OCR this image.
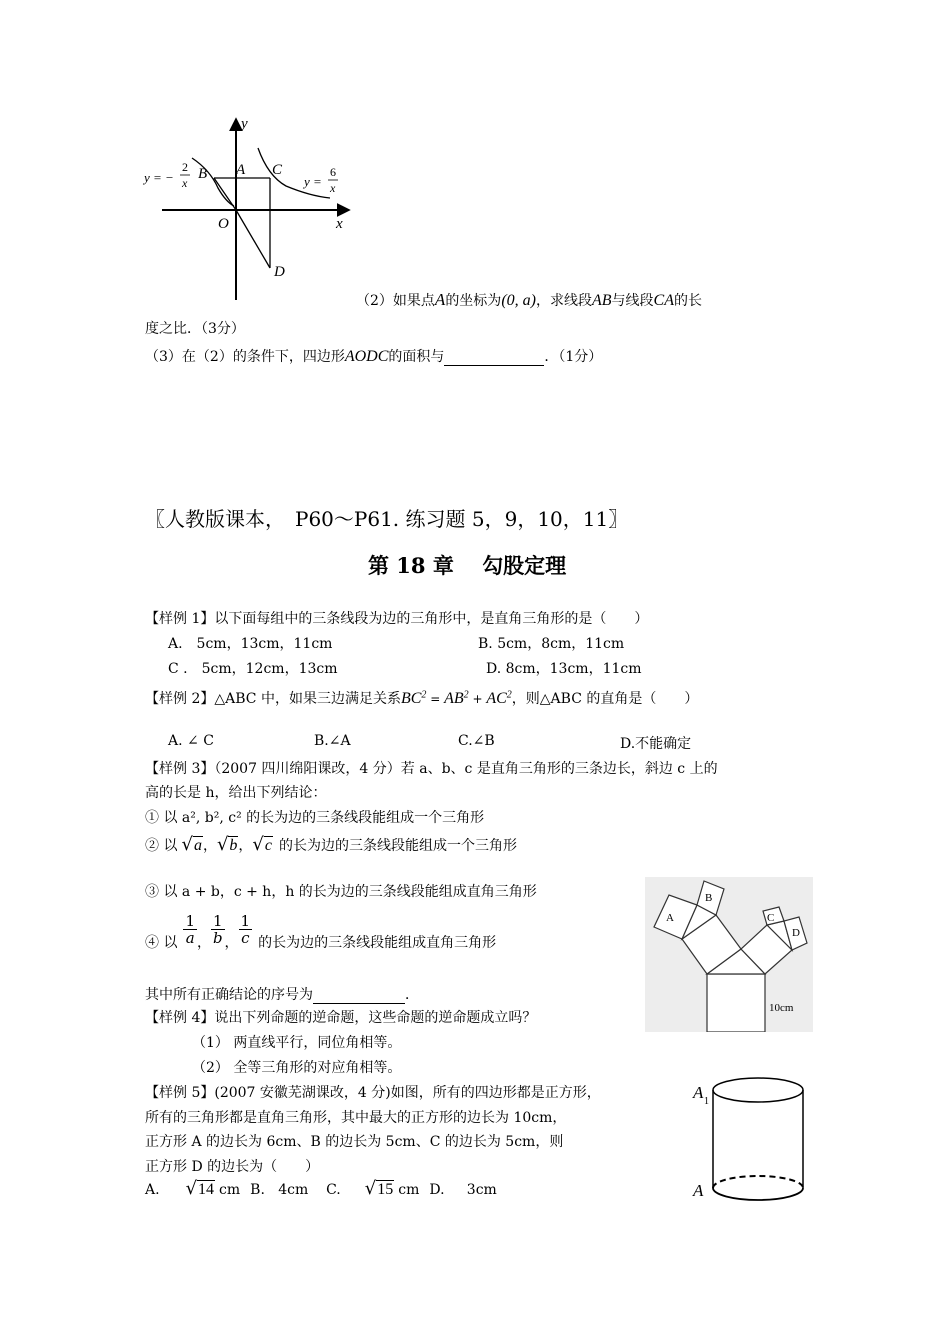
y
x
O
A
B	C
D
y = −
2
x	y =
6
x
（2）如果点A的坐标为(0, a)，求线段AB与线段CA的长
度之比．（3分）
（3）在（2）的条件下，四边形AODC的面积与	．（1分）
〖人教版课本，　P60～P61. 练习题 5，9，10，11〗
第 18 章　 勾股定理
【样例 1】以下面每组中的三条线段为边的三角形中，是直角三角形的是（　　）
A.　5cm，13cm，11cm	B. 5cm，8cm，11cm
C .　5cm，12cm，13cm	D. 8cm，13cm，11cm
【样例 2】△ABC 中，如果三边满足关系$BC^2 = AB^2 + AC^2$，则△ABC 的直角是（　　）
A. ∠ C	B.∠A	C.∠B	D.不能确定
【样例 3】（2007 四川绵阳课改，4 分）若 a、b、c 是直角三角形的三条边长，斜边 c 上的
高的长是 h，给出下列结论：
① 以 a², b², c² 的长为边的三条线段能组成一个三角形
② 以 √ a ， √ b ， √ c 的长为边的三条线段能组成一个三角形
③ 以 a + b，c + h，h 的长为边的三条线段能组成直角三角形
④ 以 $\frac{1}{a}$ ， $\frac{1}{b}$ ， $\frac{1}{c}$ 的长为边的三条线段能组成直角三角形
其中所有正确结论的序号为	．
A
B
C
D
10cm
【样例 4】说出下列命题的逆命题，这些命题的逆命题成立吗？
（1） 两直线平行，同位角相等。
（2） 全等三角形的对应角相等。
【样例 5】(2007 安徽芜湖课改，4 分)如图，所有的四边形都是正方形，
所有的三角形都是直角三角形，其中最大的正方形的边长为 10cm，
正方形 A 的边长为 6cm、B 的边长为 5cm、C 的边长为 5cm，则
正方形 D 的边长为（　　）
A. √ 14 cm B.   4cm    C. √ 15 cm D.     3cm
A 1
A
